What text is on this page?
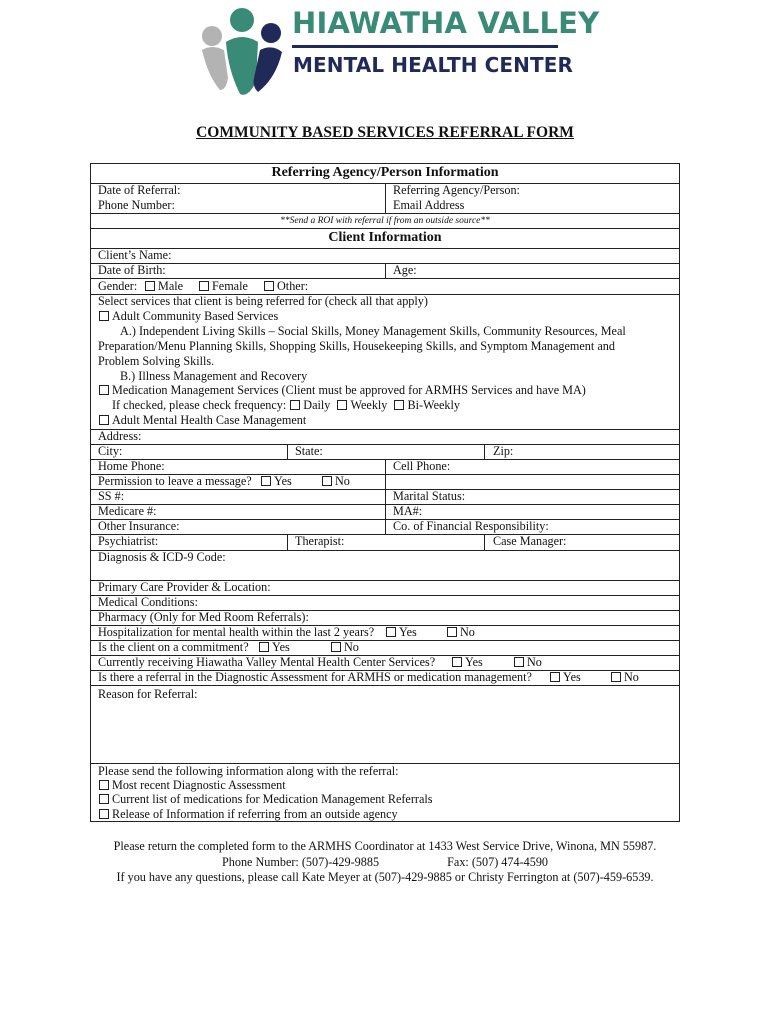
HIAWATHA VALLEY
MENTAL HEALTH CENTER
COMMUNITY BASED SERVICES REFERRAL FORM
Referring Agency/Person Information
Date of Referral:	Referring Agency/Person:
Phone Number:	Email Address
**Send a ROI with referral if from an outside source**
Client Information
Client’s Name:
Date of Birth:	Age:
Gender:	Male	Female	Other:
Select services that client is being referred for (check all that apply)
Adult Community Based Services
A.) Independent Living Skills – Social Skills, Money Management Skills, Community Resources, Meal
Preparation/Menu Planning Skills, Shopping Skills, Housekeeping Skills, and Symptom Management and
Problem Solving Skills.
B.) Illness Management and Recovery
Medication Management Services (Client must be approved for ARMHS Services and have MA)
If checked, please check frequency: Daily Weekly Bi-Weekly
Adult Mental Health Case Management
Address:
City:	State:	Zip:
Home Phone:	Cell Phone:
Permission to leave a message?	Yes	No
SS #:	Marital Status:
Medicare #:	MA#:
Other Insurance:	Co. of Financial Responsibility:
Psychiatrist:	Therapist:	Case Manager:
Diagnosis & ICD-9 Code:
Primary Care Provider & Location:
Medical Conditions:
Pharmacy (Only for Med Room Referrals):
Hospitalization for mental health within the last 2 years?	Yes	No
Is the client on a commitment?	Yes	No
Currently receiving Hiawatha Valley Mental Health Center Services?	Yes	No
Is there a referral in the Diagnostic Assessment for ARMHS or medication management?	Yes	No
Reason for Referral:
Please send the following information along with the referral:
Most recent Diagnostic Assessment
Current list of medications for Medication Management Referrals
Release of Information if referring from an outside agency
Please return the completed form to the ARMHS Coordinator at 1433 West Service Drive, Winona, MN 55987.
Phone Number: (507)-429-9885	Fax: (507) 474-4590
If you have any questions, please call Kate Meyer at (507)-429-9885 or Christy Ferrington at (507)-459-6539.
